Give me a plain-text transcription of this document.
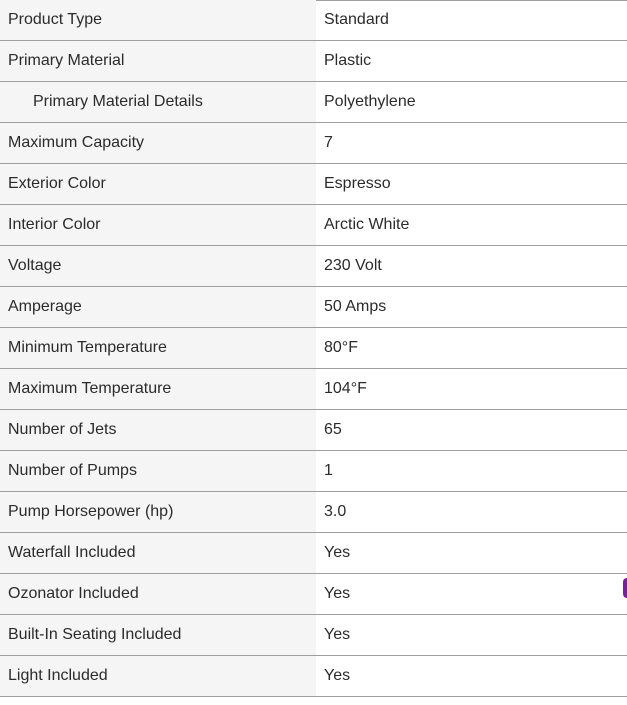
Product Type	Standard
Primary Material	Plastic
Primary Material Details	Polyethylene
Maximum Capacity	7
Exterior Color	Espresso
Interior Color	Arctic White
Voltage	230 Volt
Amperage	50 Amps
Minimum Temperature	80°F
Maximum Temperature	104°F
Number of Jets	65
Number of Pumps	1
Pump Horsepower (hp)	3.0
Waterfall Included	Yes
Ozonator Included	Yes
Built-In Seating Included	Yes
Light Included	Yes
